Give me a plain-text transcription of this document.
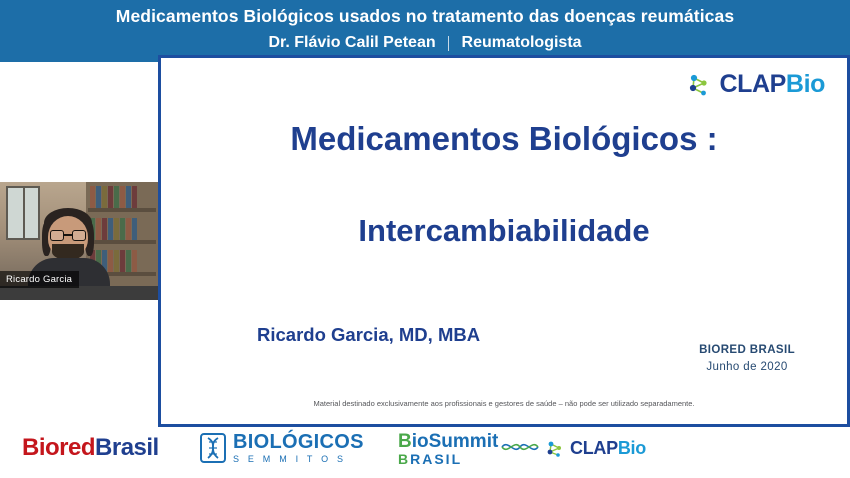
Medicamentos Biológicos usados no tratamento das doenças reumáticas
Dr. Flávio Calil Petean Reumatologista
Ricardo Garcia
CLAPBio
Medicamentos Biológicos :
Intercambiabilidade
Ricardo Garcia, MD, MBA
BIORED BRASIL
Junho de 2020
Material destinado exclusivamente aos profissionais e gestores de saúde – não pode ser utilizado separadamente.
BioredBrasil	BIOLÓGICOS
S E M M I T O S
BioSummit
BRASIL
CLAPBio
